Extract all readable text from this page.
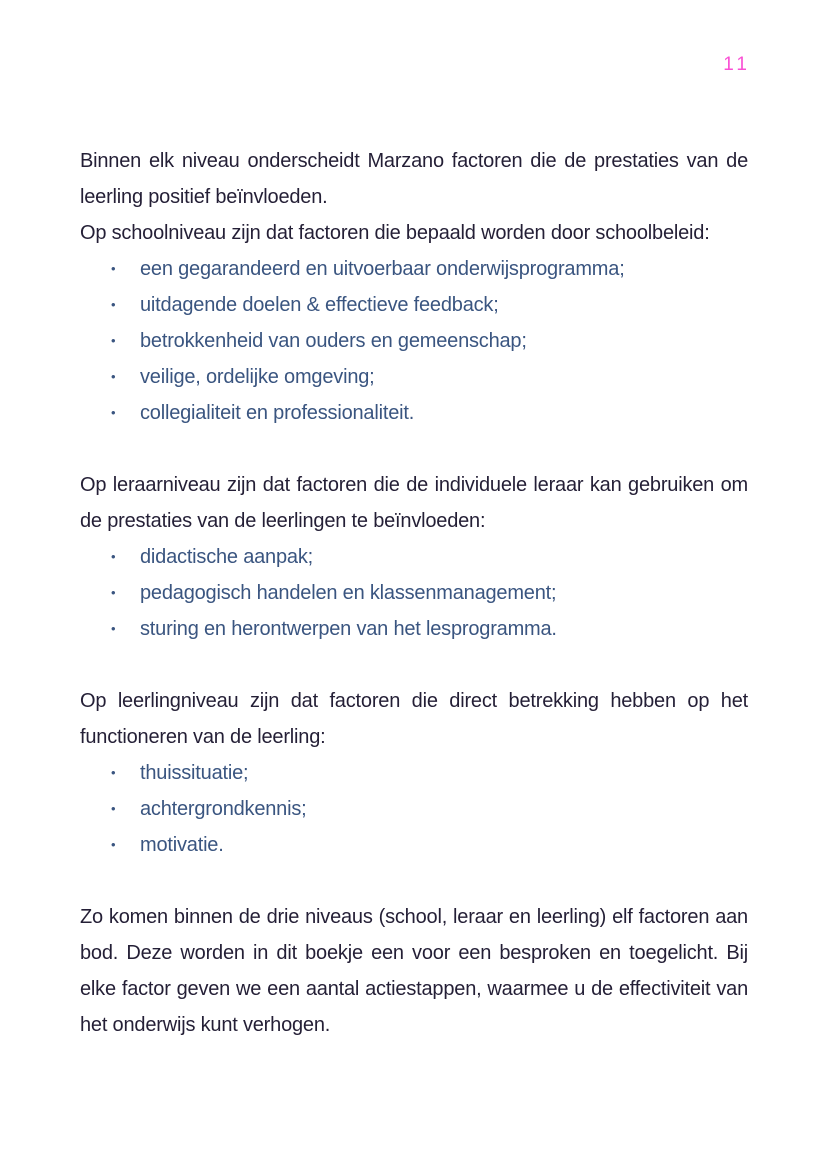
11

Binnen elk niveau onderscheidt Marzano factoren die de prestaties van de leerling positief beïnvloeden.

Op schoolniveau zijn dat factoren die bepaald worden door schoolbeleid:

• een gegarandeerd en uitvoerbaar onderwijsprogramma;
• uitdagende doelen & effectieve feedback;
• betrokkenheid van ouders en gemeenschap;
• veilige, ordelijke omgeving;
• collegialiteit en professionaliteit.

Op leraarniveau zijn dat factoren die de individuele leraar kan gebruiken om de prestaties van de leerlingen te beïnvloeden:

• didactische aanpak;
• pedagogisch handelen en klassenmanagement;
• sturing en herontwerpen van het lesprogramma.

Op leerlingniveau zijn dat factoren die direct betrekking hebben op het functioneren van de leerling:

• thuissituatie;
• achtergrondkennis;
• motivatie.

Zo komen binnen de drie niveaus (school, leraar en leerling) elf factoren aan bod. Deze worden in dit boekje een voor een besproken en toegelicht. Bij elke factor geven we een aantal actiestappen, waarmee u de effectiviteit van het onderwijs kunt verhogen.
